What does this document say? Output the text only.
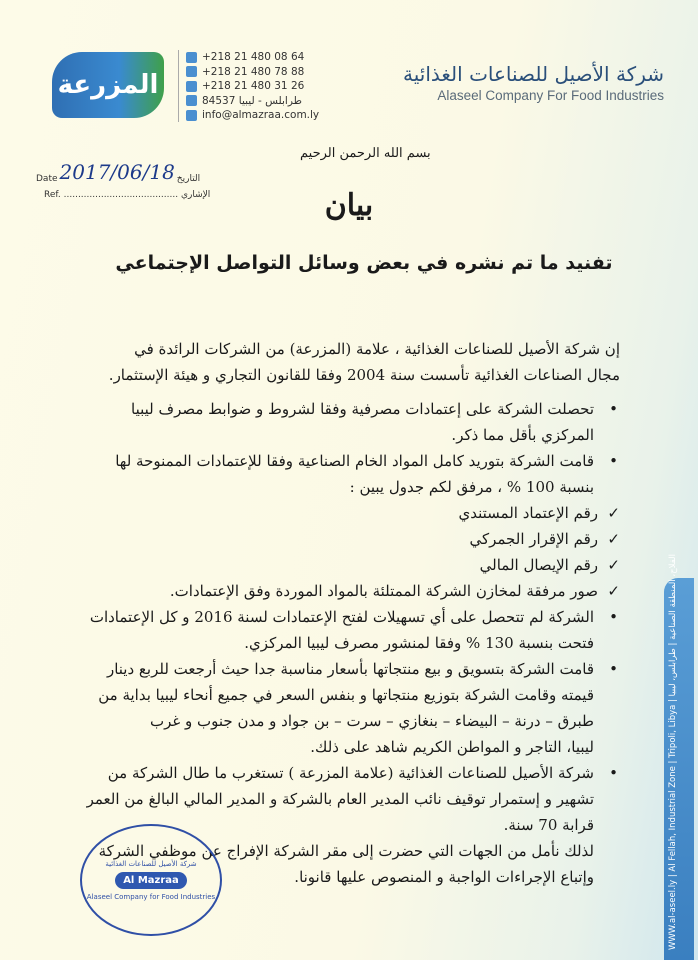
المزرعة
+218 21 480 08 64
+218 21 480 78 88
+218 21 480 31 26
طرابلس - ليبيا 84537
info@almazraa.com.ly
شركة الأصيل للصناعات الغذائية
Alaseel Company For Food Industries
بسم الله الرحمن الرحيم
Date 2017/06/18 التاريخ
Ref. ........................................ الإشاري	بيان
تفنيد ما تم نشره في بعض وسائل التواصل الإجتماعي
إن شركة الأصيل للصناعات الغذائية ، علامة (المزرعة) من الشركات الرائدة في
مجال الصناعات الغذائية تأسست سنة 2004 وفقا للقانون التجاري و هيئة الإستثمار.
•
تحصلت الشركة على إعتمادات مصرفية وفقا لشروط و ضوابط مصرف ليبيا
المركزي بأقل مما ذكر.
•
قامت الشركة بتوريد كامل المواد الخام الصناعية وفقا للإعتمادات الممنوحة لها
بنسبة 100 % ، مرفق لكم جدول يبين :
✓
رقم الإعتماد المستندي
✓
رقم الإقرار الجمركي
✓
رقم الإيصال المالي
✓
صور مرفقة لمخازن الشركة الممتلئة بالمواد الموردة وفق الإعتمادات.
•
الشركة لم تتحصل على أي تسهيلات لفتح الإعتمادات لسنة 2016 و كل الإعتمادات
فتحت بنسبة 130 % وفقا لمنشور مصرف ليبيا المركزي.
•
قامت الشركة بتسويق و بيع منتجاتها بأسعار مناسبة جدا حيث أرجعت للربع دينار
قيمته وقامت الشركة بتوزيع منتجاتها و بنفس السعر في جميع أنحاء ليبيا بداية من
طبرق – درنة – البيضاء – بنغازي – سرت – بن جواد و مدن جنوب و غرب
ليبيا، التاجر و المواطن الكريم شاهد على ذلك.
•
شركة الأصيل للصناعات الغذائية (علامة المزرعة ) تستغرب ما طال الشركة من
تشهير و إستمرار توقيف نائب المدير العام بالشركة و المدير المالي البالغ من العمر
قرابة 70 سنة.
لذلك نأمل من الجهات التي حضرت إلى مقر الشركة الإفراج عن موظفي الشركة
وإتباع الإجراءات الواجبة و المنصوص عليها قانونا.
شركة الأصيل للصناعات الغذائية
Al Mazraa
Alaseel Company for Food Industries	WWW.al-aseel.ly | Al Fellah, Industrial Zone | Tripoli, Libya | الفلاح، المنطقة الصناعية | طرابلس، ليبيا
